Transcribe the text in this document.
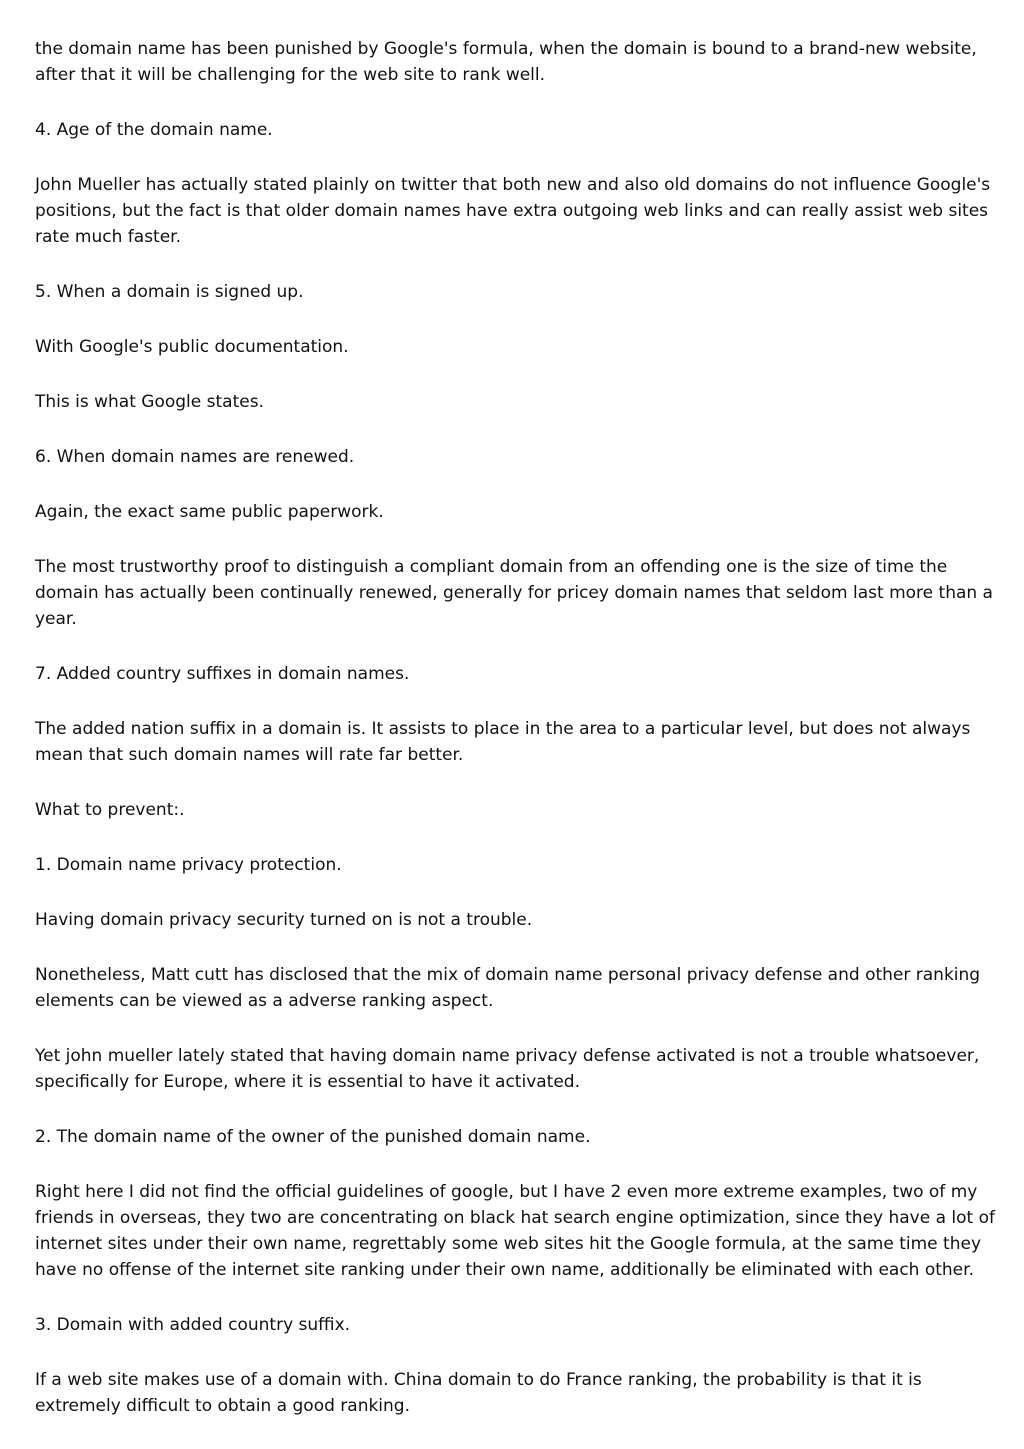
the domain name has been punished by Google's formula, when the domain is bound to a brand-new website, after that it will be challenging for the web site to rank well.

4. Age of the domain name.

John Mueller has actually stated plainly on twitter that both new and also old domains do not influence Google's positions, but the fact is that older domain names have extra outgoing web links and can really assist web sites rate much faster.

5. When a domain is signed up.

With Google's public documentation.

This is what Google states.

6. When domain names are renewed.

Again, the exact same public paperwork.

The most trustworthy proof to distinguish a compliant domain from an offending one is the size of time the domain has actually been continually renewed, generally for pricey domain names that seldom last more than a year.

7. Added country suffixes in domain names.

The added nation suffix in a domain is. It assists to place in the area to a particular level, but does not always mean that such domain names will rate far better.

What to prevent:.

1. Domain name privacy protection.

Having domain privacy security turned on is not a trouble.

Nonetheless, Matt cutt has disclosed that the mix of domain name personal privacy defense and other ranking elements can be viewed as a adverse ranking aspect.

Yet john mueller lately stated that having domain name privacy defense activated is not a trouble whatsoever, specifically for Europe, where it is essential to have it activated.

2. The domain name of the owner of the punished domain name.

Right here I did not find the official guidelines of google, but I have 2 even more extreme examples, two of my friends in overseas, they two are concentrating on black hat search engine optimization, since they have a lot of internet sites under their own name, regrettably some web sites hit the Google formula, at the same time they have no offense of the internet site ranking under their own name, additionally be eliminated with each other.

3. Domain with added country suffix.

If a web site makes use of a domain with. China domain to do France ranking, the probability is that it is extremely difficult to obtain a good ranking.
